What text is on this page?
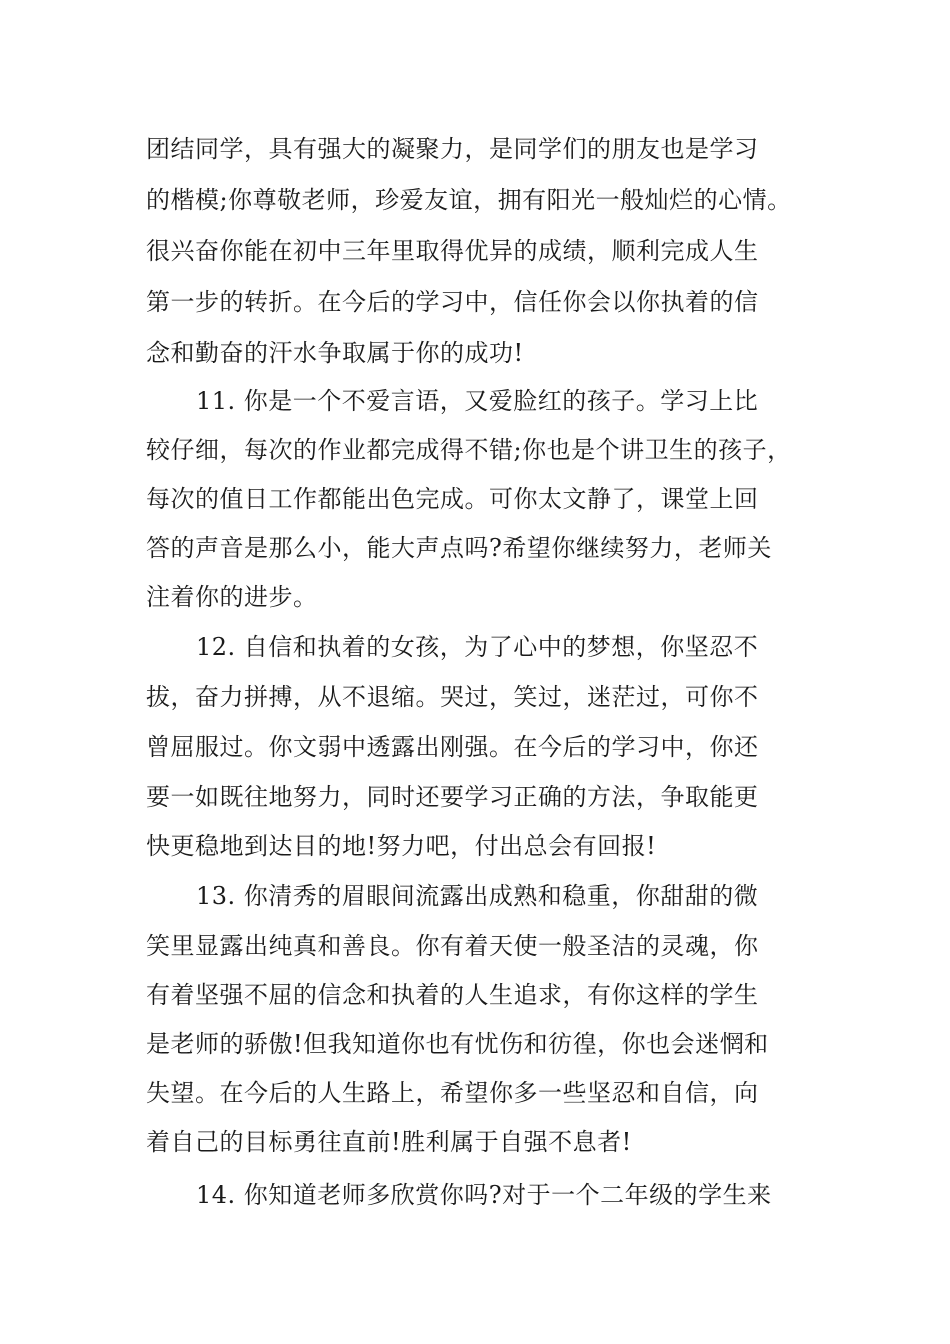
团结同学，具有强大的凝聚力，是同学们的朋友也是学习
的楷模;你尊敬老师，珍爱友谊，拥有阳光一般灿烂的心情。
很兴奋你能在初中三年里取得优异的成绩，顺利完成人生
第一步的转折。在今后的学习中，信任你会以你执着的信
念和勤奋的汗水争取属于你的成功!
11. 你是一个不爱言语，又爱脸红的孩子。学习上比
较仔细，每次的作业都完成得不错;你也是个讲卫生的孩子，
每次的值日工作都能出色完成。可你太文静了，课堂上回
答的声音是那么小，能大声点吗?希望你继续努力，老师关
注着你的进步。
12. 自信和执着的女孩，为了心中的梦想，你坚忍不
拔，奋力拼搏，从不退缩。哭过，笑过，迷茫过，可你不
曾屈服过。你文弱中透露出刚强。在今后的学习中，你还
要一如既往地努力，同时还要学习正确的方法，争取能更
快更稳地到达目的地!努力吧，付出总会有回报!
13. 你清秀的眉眼间流露出成熟和稳重，你甜甜的微
笑里显露出纯真和善良。你有着天使一般圣洁的灵魂，你
有着坚强不屈的信念和执着的人生追求，有你这样的学生
是老师的骄傲!但我知道你也有忧伤和彷徨，你也会迷惘和
失望。在今后的人生路上，希望你多一些坚忍和自信，向
着自己的目标勇往直前!胜利属于自强不息者!
14. 你知道老师多欣赏你吗?对于一个二年级的学生来
